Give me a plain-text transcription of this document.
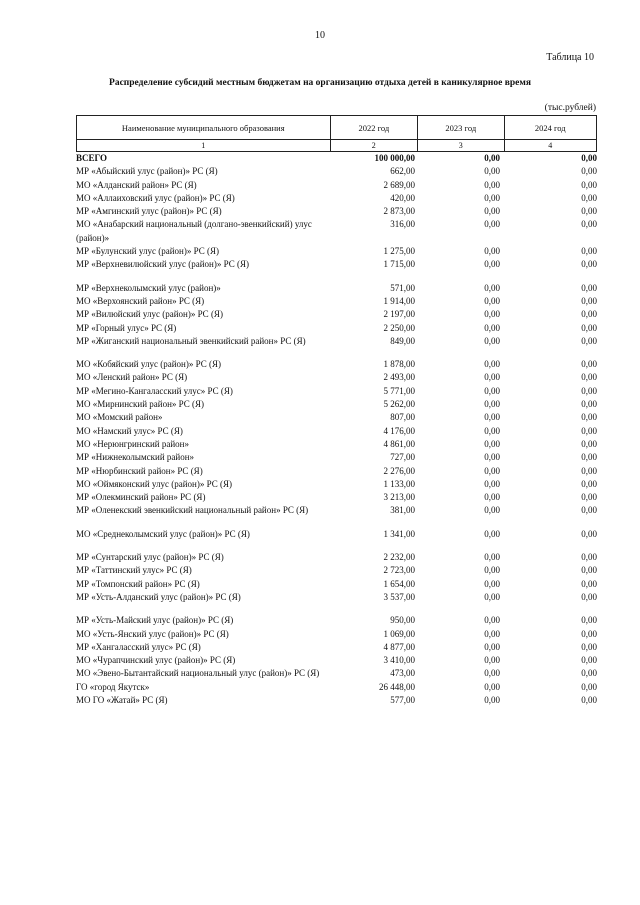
10
Таблица 10
Распределение субсидий местным бюджетам на организацию отдыха детей в каникулярное время
(тыс.рублей)
Наименование муниципального образования	2022 год	2023 год	2024 год
1	2	3	4
ВСЕГО	100 000,00	0,00	0,00
МР «Абыйский улус (район)» РС (Я)	662,00	0,00	0,00
МО «Алданский район» РС (Я)	2 689,00	0,00	0,00
МО «Аллаиховский улус (район)» РС (Я)	420,00	0,00	0,00
МР «Амгинский улус (район)» РС (Я)	2 873,00	0,00	0,00
МО «Анабарский национальный (долгано-эвенкийский) улус (район)»
316,00	0,00	0,00
МР «Булунский улус (район)» РС (Я)	1 275,00	0,00	0,00
МР «Верхневилюйский улус (район)» РС (Я)	1 715,00	0,00	0,00
МР «Верхнеколымский улус (район)»	571,00	0,00	0,00
МО «Верхоянский район» РС (Я)	1 914,00	0,00	0,00
МР «Вилюйский улус (район)» РС (Я)	2 197,00	0,00	0,00
МР «Горный улус» РС (Я)	2 250,00	0,00	0,00
МР «Жиганский национальный эвенкийский район» РС (Я)	849,00	0,00	0,00
МО «Кобяйский улус (район)» РС (Я)	1 878,00	0,00	0,00
МО «Ленский район» РС (Я)	2 493,00	0,00	0,00
МР «Мегино-Кангаласский улус» РС (Я)	5 771,00	0,00	0,00
МО «Мирнинский район» РС (Я)	5 262,00	0,00	0,00
МО «Момский район»	807,00	0,00	0,00
МО «Намский улус» РС (Я)	4 176,00	0,00	0,00
МО «Нерюнгринский район»	4 861,00	0,00	0,00
МР «Нижнеколымский район»	727,00	0,00	0,00
МР «Нюрбинский район» РС (Я)	2 276,00	0,00	0,00
МО «Оймяконский улус (район)» РС (Я)	1 133,00	0,00	0,00
МР «Олекминский район» РС (Я)	3 213,00	0,00	0,00
МР «Оленекский эвенкийский национальный район» РС (Я)	381,00	0,00	0,00
МО «Среднеколымский улус (район)» РС (Я)	1 341,00	0,00	0,00
МР «Сунтарский улус (район)» РС (Я)	2 232,00	0,00	0,00
МР «Таттинский улус» РС (Я)	2 723,00	0,00	0,00
МР «Томпонский район» РС (Я)	1 654,00	0,00	0,00
МР «Усть-Алданский улус (район)» РС (Я)	3 537,00	0,00	0,00
МР «Усть-Майский улус (район)» РС (Я)	950,00	0,00	0,00
МО «Усть-Янский улус (район)» РС (Я)	1 069,00	0,00	0,00
МР «Хангаласский улус» РС (Я)	4 877,00	0,00	0,00
МО «Чурапчинский улус (район)» РС (Я)	3 410,00	0,00	0,00
МО «Эвено-Бытантайский национальный улус (район)» РС (Я)	473,00	0,00	0,00
ГО «город Якутск»	26 448,00	0,00	0,00
МО ГО «Жатай» РС (Я)	577,00	0,00	0,00
